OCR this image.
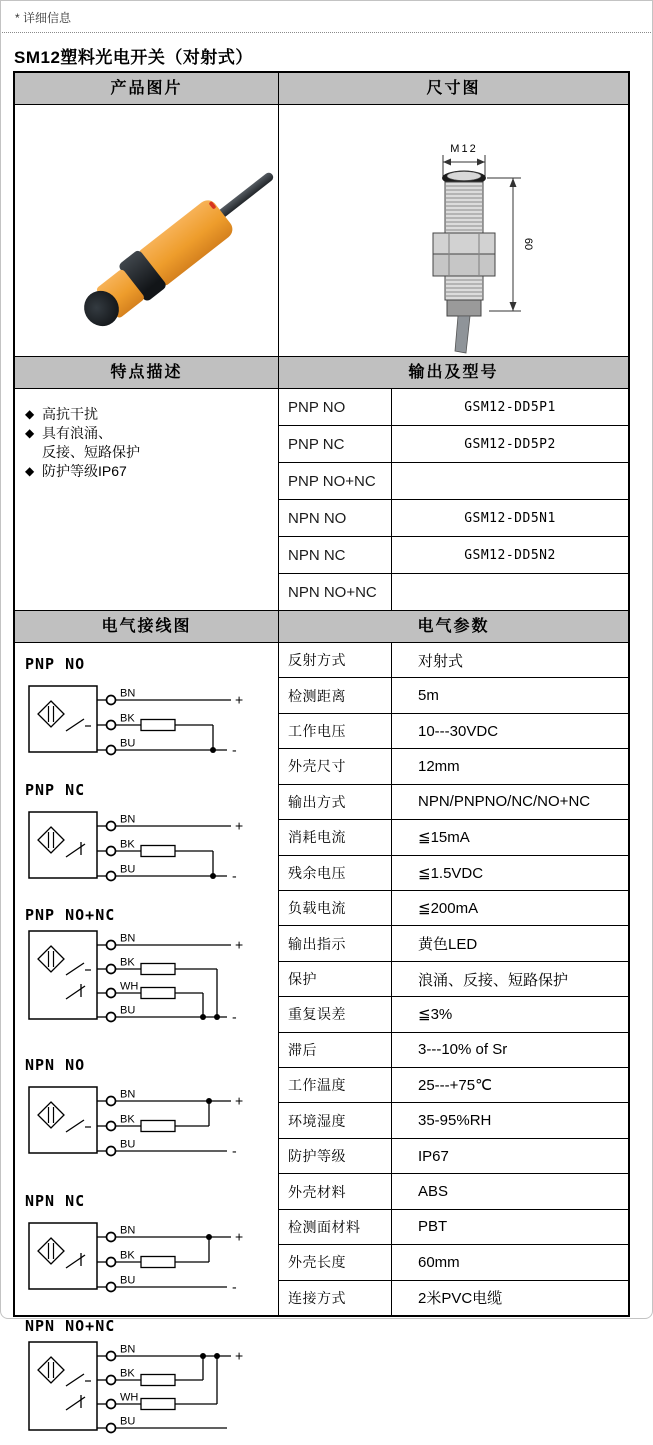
* 详细信息
SM12塑料光电开关（对射式）
产品图片	尺寸图
M12
60
特点描述	输出及型号
◆ 高抗干扰
◆ 具有浪涌、
反接、短路保护
◆ 防护等级IP67
PNP NO	GSM12-DD5P1
PNP NC	GSM12-DD5P2
PNP NO+NC
NPN NO	GSM12-DD5N1
NPN NC	GSM12-DD5N2
NPN NO+NC
电气接线图	电气参数
PNP NO
BN	+
BK
BU	-
PNP NC
BN	+
BK
BU	-
PNP NO+NC
BN	+
BK
WH
BU	-
NPN NO
BN	+
BK
BU	-
NPN NC
BN	+
BK
BU	-
NPN NO+NC
BN	+
BK
WH
BU
反射方式	对射式
检测距离	5m
工作电压	10---30VDC
外壳尺寸	12mm
输出方式	NPN/PNPNO/NC/NO+NC
消耗电流	≦15mA
残余电压	≦1.5VDC
负载电流	≦200mA
输出指示	黄色LED
保护	浪涌、反接、短路保护
重复误差	≦3%
滞后	3---10% of Sr
工作温度	25---+75℃
环境湿度	35-95%RH
防护等级	IP67
外壳材料	ABS
检测面材料	PBT
外壳长度	60mm
连接方式	2米PVC电缆
